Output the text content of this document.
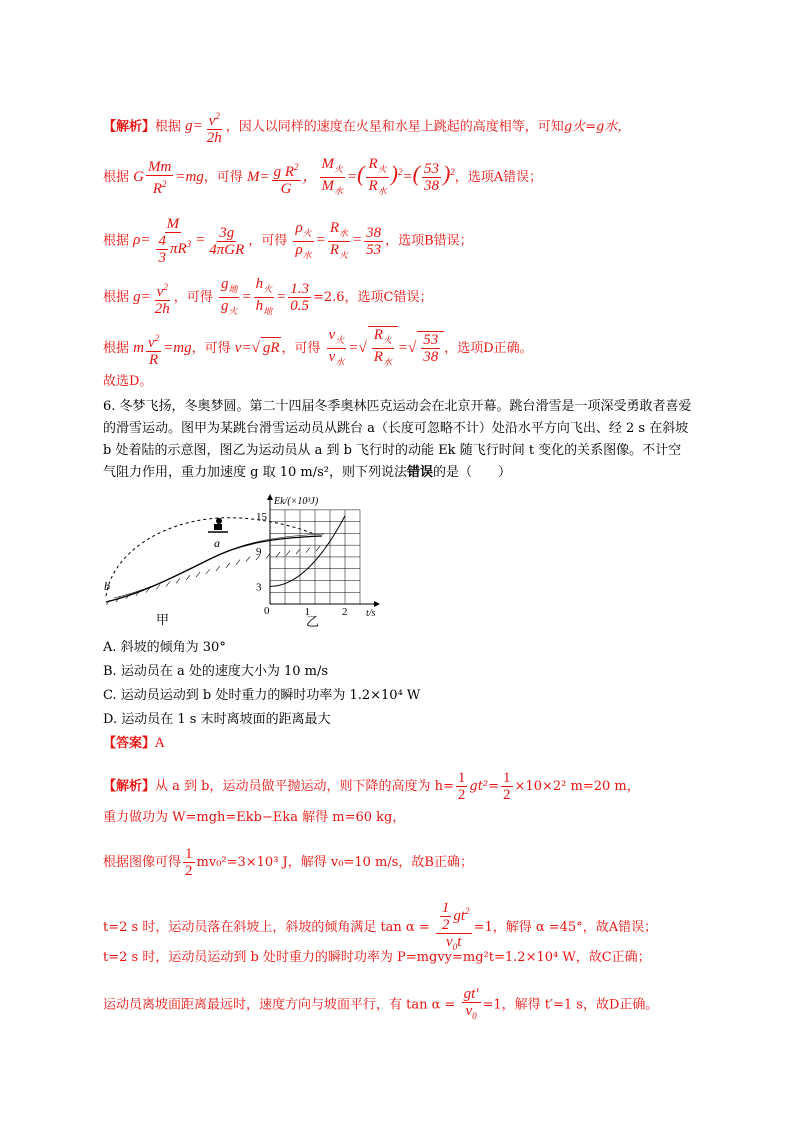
【解析】根据 $g= \frac{v^2}{2h}$ ，因人以同样的速度在火星和水星上跳起的高度相等，可知g火=g水，
根据 G $\frac{Mm}{R^2} =mg$，可得 $M= \frac{g R^2}{G}$ ， $\frac{M_火}{M_水}$ =( $\frac{R_火}{R_水} )^2=( \frac{53}{38} )^2$，选项A错误；
根据 $\rho= \frac{M}{\frac{4}{3} \pi R^3} = \frac{3g}{\text{4πGR}}$ ，可得 $\frac{\rho_火}{\rho_水} = \frac{R_水}{R_火} = \frac{38}{53}$ ，选项B错误；
根据 $g= \frac{v^2}{2h}$ ，可得 $\frac{g_地}{g_火} = \frac{h_火}{h_地} = \frac{1.3}{0.5} =2.6$，选项C错误；
根据 m $\frac{v^2}{R} =mg$，可得 v=√ gR ，可得 $\frac{v_火}{v_水}$ =√ $\frac{R_火}{R_水}$ =√ $\frac{53}{38}$ ，选项D正确。
故选D。
6. 冬梦飞扬，冬奥梦圆。第二十四届冬季奥林匹克运动会在北京开幕。跳台滑雪是一项深受勇敢者喜爱的滑雪运动。图甲为某跳台滑雪运动员从跳台 a（长度可忽略不计）处沿水平方向飞出、经 2 s 在斜坡 b 处着陆的示意图，图乙为运动员从 a 到 b 飞行时的动能 Ek 随飞行时间 t 变化的关系图像。不计空气阻力作用，重力加速度 g 取 10 m/s²，则下列说法错误的是（　　）
a
b
甲
Ek/(×10³J)
t/s
0	1	2
3
9
15
乙
A. 斜坡的倾角为 30°
B. 运动员在 a 处的速度大小为 10 m/s
C. 运动员运动到 b 处时重力的瞬时功率为 1.2×10⁴ W
D. 运动员在 1 s 末时离坡面的距离最大
【答案】A
【解析】从 a 到 b，运动员做平抛运动，则下降的高度为 $h= \frac{1}{2} gt^2= \frac{1}{2} \times 10\times 2^2$ m=20 m，
重力做功为 W=mgh=Ekb−Eka 解得 m=60 kg，
根据图像可得 $\frac{1}{2} mv_0^2=3\times 10^3$ J，解得 v₀=10 m/s，故B正确；
t=2 s 时，运动员落在斜坡上，斜坡的倾角满足 $\tan \alpha = \frac{\frac{1}{2} gt^2}{v_0t} =1$，解得 α =45°，故A错误；
t=2 s 时，运动员运动到 b 处时重力的瞬时功率为 P=mgvy=mg²t=1.2×10⁴ W，故C正确；
运动员离坡面距离最远时，速度方向与坡面平行，有 $\tan \alpha = \frac{gt'}{v_0} =1$，解得 t′=1 s，故D正确。
